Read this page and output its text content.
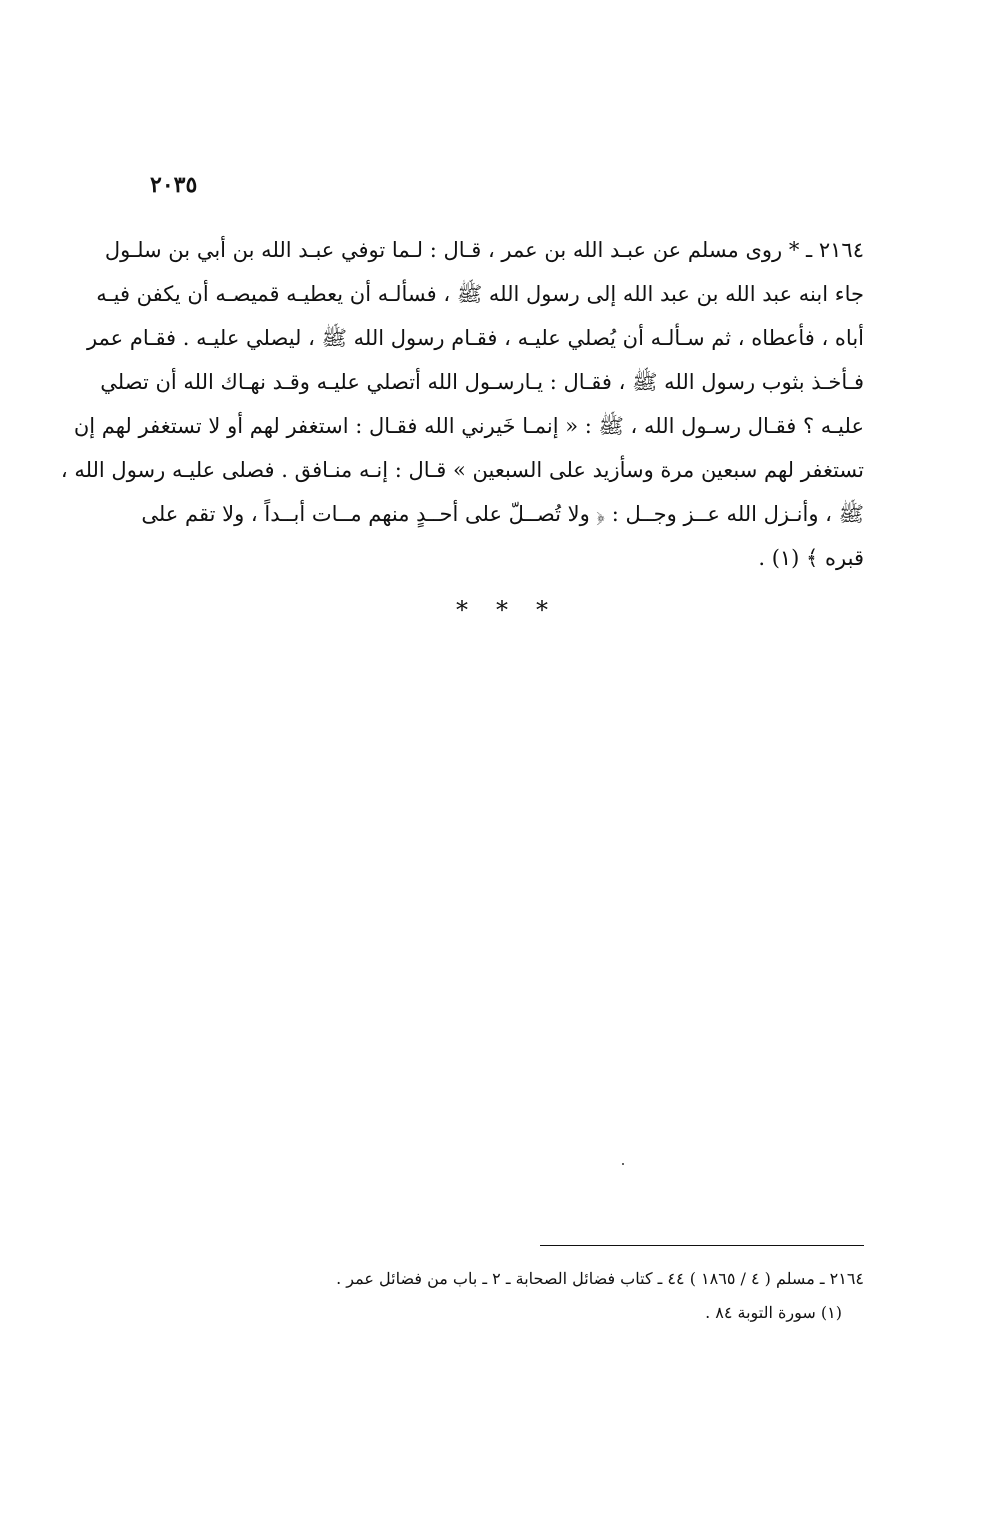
٢٠٣٥
٢١٦٤ ـ * روى مسلم عن عبـد الله بن عمر ، قـال : لـما توفي عبـد الله بن أبي بن سلـول
جاء ابنه عبد الله بن عبد الله إلى رسول الله ﷺ ، فسألـه أن يعطيـه قميصـه أن يكفن فيـه
أباه ، فأعطاه ، ثم سـألـه أن يُصلي عليـه ، فقـام رسول الله ﷺ ، ليصلي عليـه . فقـام عمر
فـأخـذ بثوب رسول الله ﷺ ، فقـال : يـارسـول الله أتصلي عليـه وقـد نهـاك الله أن تصلي
عليـه ؟ فقـال رسـول الله ، ﷺ : « إنمـا خَيرني الله فقـال : استغفر لهم أو لا تستغفر لهم إن
تستغفر لهم سبعين مرة وسأزيد على السبعين » قـال : إنـه منـافق . فصلى عليـه رسول الله ،
ﷺ ، وأنـزل الله عــز وجــل : ﴿ ولا تُصــلّ على أحــدٍ منهم مــات أبــداً ، ولا تقم على
قبره ﴾ (١) .
* * *
٢١٦٤ ـ مسلم ( ٤ / ١٨٦٥ ) ٤٤ ـ كتاب فضائل الصحابة ـ ٢ ـ باب من فضائل عمر .
(١) سورة التوبة ٨٤ .
